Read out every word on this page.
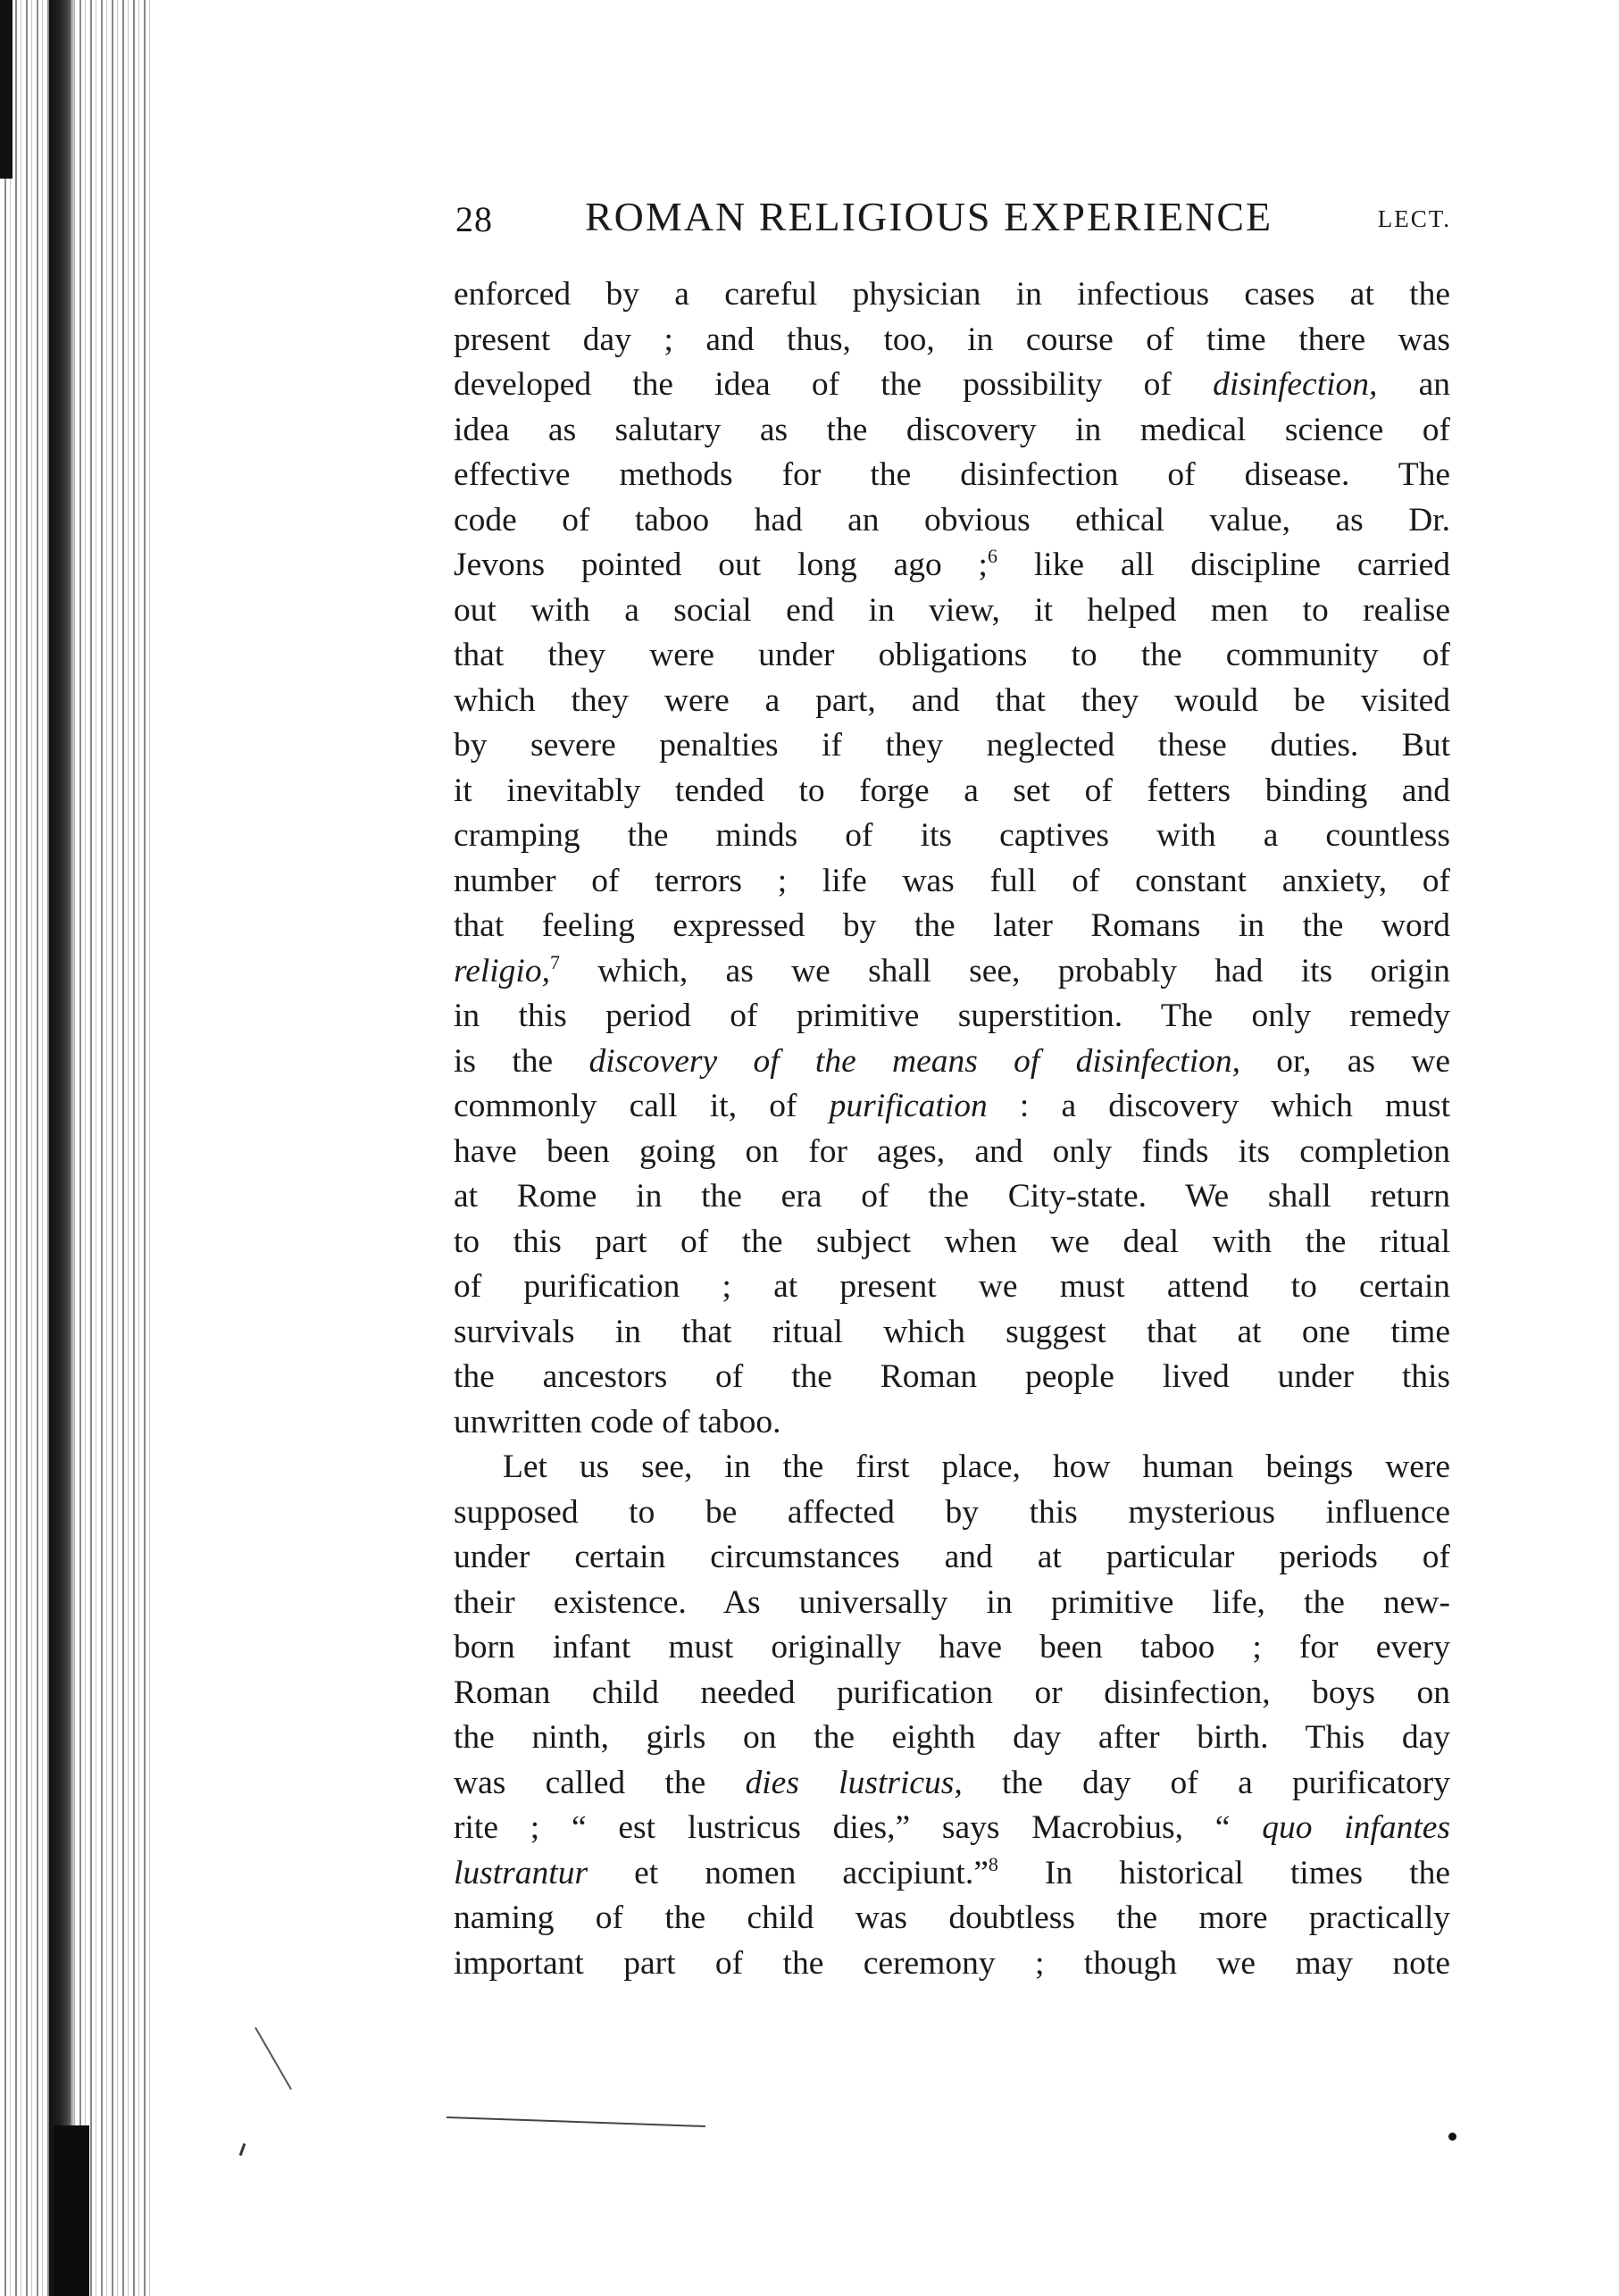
28 ROMAN RELIGIOUS EXPERIENCE	LECT.
enforced by a careful physician in infectious cases at the
present day ; and thus, too, in course of time there was
developed the idea of the possibility of disinfection, an
idea as salutary as the discovery in medical science of
effective methods for the disinfection of disease. The
code of taboo had an obvious ethical value, as Dr.
Jevons pointed out long ago ;$^6$ like all discipline carried
out with a social end in view, it helped men to realise
that they were under obligations to the community of
which they were a part, and that they would be visited
by severe penalties if they neglected these duties. But
it inevitably tended to forge a set of fetters binding and
cramping the minds of its captives with a countless
number of terrors ; life was full of constant anxiety, of
that feeling expressed by the later Romans in the word
religio,$^7$ which, as we shall see, probably had its origin
in this period of primitive superstition. The only remedy
is the discovery of the means of disinfection, or, as we
commonly call it, of purification : a discovery which must
have been going on for ages, and only finds its completion
at Rome in the era of the City-state. We shall return
to this part of the subject when we deal with the ritual
of purification ; at present we must attend to certain
survivals in that ritual which suggest that at one time
the ancestors of the Roman people lived under this
unwritten code of taboo.
Let us see, in the first place, how human beings were
supposed to be affected by this mysterious influence
under certain circumstances and at particular periods of
their existence. As universally in primitive life, the new-
born infant must originally have been taboo ; for every
Roman child needed purification or disinfection, boys on
the ninth, girls on the eighth day after birth. This day
was called the dies lustricus, the day of a purificatory
rite ; “ est lustricus dies,” says Macrobius, “ quo infantes
lustrantur et nomen accipiunt.”$^8$ In historical times the
naming of the child was doubtless the more practically
important part of the ceremony ; though we may note
